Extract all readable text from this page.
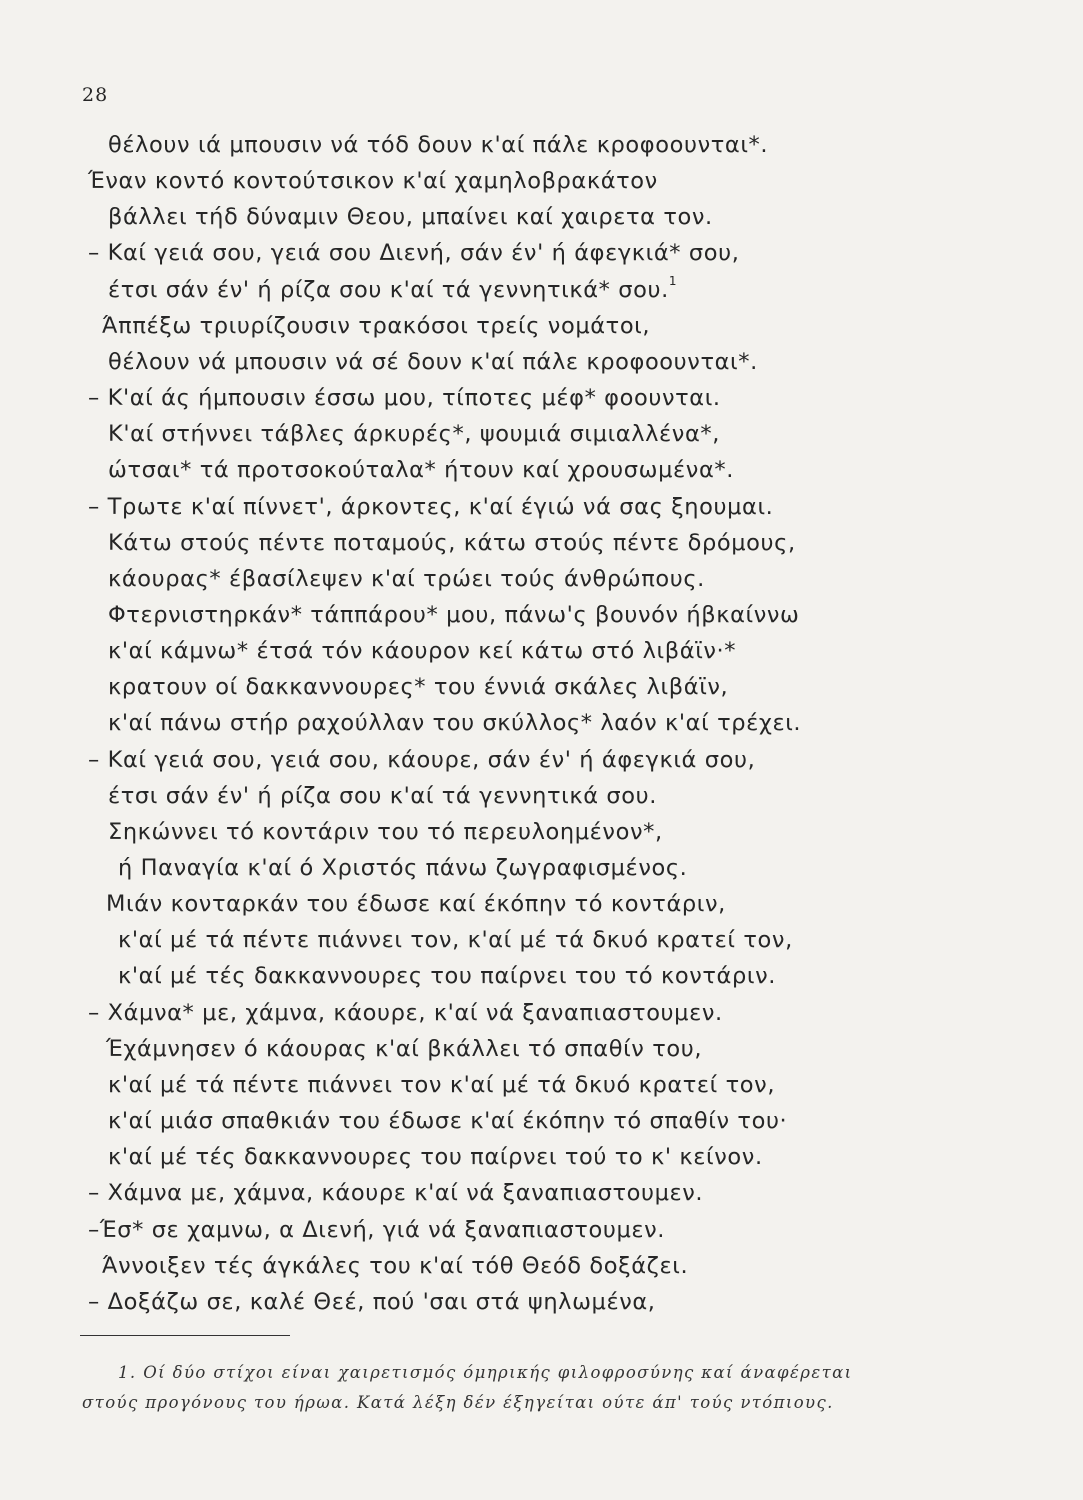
28
θέλουν ιά μπουσιν νά τόδ δουν κ'αί πάλε κροφοουνται*.
Έναν κοντό κοντούτσικον κ'αί χαμηλοβρακάτον
βάλλει τήδ δύναμιν Θεου, μπαίνει καί χαιρετα τον.
– Καί γειά σου, γειά σου Διενή, σάν έν' ή άφεγκιά* σου,
έτσι σάν έν' ή ρίζα σου κ'αί τά γεννητικά* σου.$^1$
Άππέξω τριυρίζουσιν τρακόσοι τρείς νομάτοι,
θέλουν νά μπουσιν νά σέ δουν κ'αί πάλε κροφοουνται*.
– Κ'αί άς ήμπουσιν έσσω μου, τίποτες μέφ* φοουνται.
Κ'αί στήννει τάβλες άρκυρές*, ψουμιά σιμιαλλένα*,
ώτσαι* τά προτσοκούταλα* ήτουν καί χρουσωμένα*.
– Τρωτε κ'αί πίννετ', άρκοντες, κ'αί έγιώ νά σας ξηουμαι.
Κάτω στούς πέντε ποταμούς, κάτω στούς πέντε δρόμους,
κάουρας* έβασίλεψεν κ'αί τρώει τούς άνθρώπους.
Φτερνιστηρκάν* τάππάρου* μου, πάνω'ς βουνόν ήβκαίννω
κ'αί κάμνω* έτσά τόν κάουρον κεί κάτω στό λιβάϊν·*
κρατουν οί δακκαννουρες* του έννιά σκάλες λιβάϊν,
κ'αί πάνω στήρ ραχούλλαν του σκύλλος* λαόν κ'αί τρέχει.
– Καί γειά σου, γειά σου, κάουρε, σάν έν' ή άφεγκιά σου,
έτσι σάν έν' ή ρίζα σου κ'αί τά γεννητικά σου.
Σηκώννει τό κοντάριν του τό περευλοημένον*,
ή Παναγία κ'αί ό Χριστός πάνω ζωγραφισμένος.
Μιάν κονταρκάν του έδωσε καί έκόπην τό κοντάριν,
κ'αί μέ τά πέντε πιάννει τον, κ'αί μέ τά δκυό κρατεί τον,
κ'αί μέ τές δακκαννουρες του παίρνει του τό κοντάριν.
– Χάμνα* με, χάμνα, κάουρε, κ'αί νά ξαναπιαστουμεν.
Έχάμνησεν ό κάουρας κ'αί βκάλλει τό σπαθίν του,
κ'αί μέ τά πέντε πιάννει τον κ'αί μέ τά δκυό κρατεί τον,
κ'αί μιάσ σπαθκιάν του έδωσε κ'αί έκόπην τό σπαθίν του·
κ'αί μέ τές δακκαννουρες του παίρνει τού το κ' κείνον.
– Χάμνα με, χάμνα, κάουρε κ'αί νά ξαναπιαστουμεν.
–Έσ* σε χαμνω, α Διενή, γιά νά ξαναπιαστουμεν.
Άννοιξεν τές άγκάλες του κ'αί τόθ Θεόδ δοξάζει.
– Δοξάζω σε, καλέ Θεέ, πού 'σαι στά ψηλωμένα,
1. Οί δύο στίχοι είναι χαιρετισμός όμηρικής φιλοφροσύνης καί άναφέρεται
στούς προγόνους του ήρωα. Κατά λέξη δέν έξηγείται ούτε άπ' τούς ντόπιους.
